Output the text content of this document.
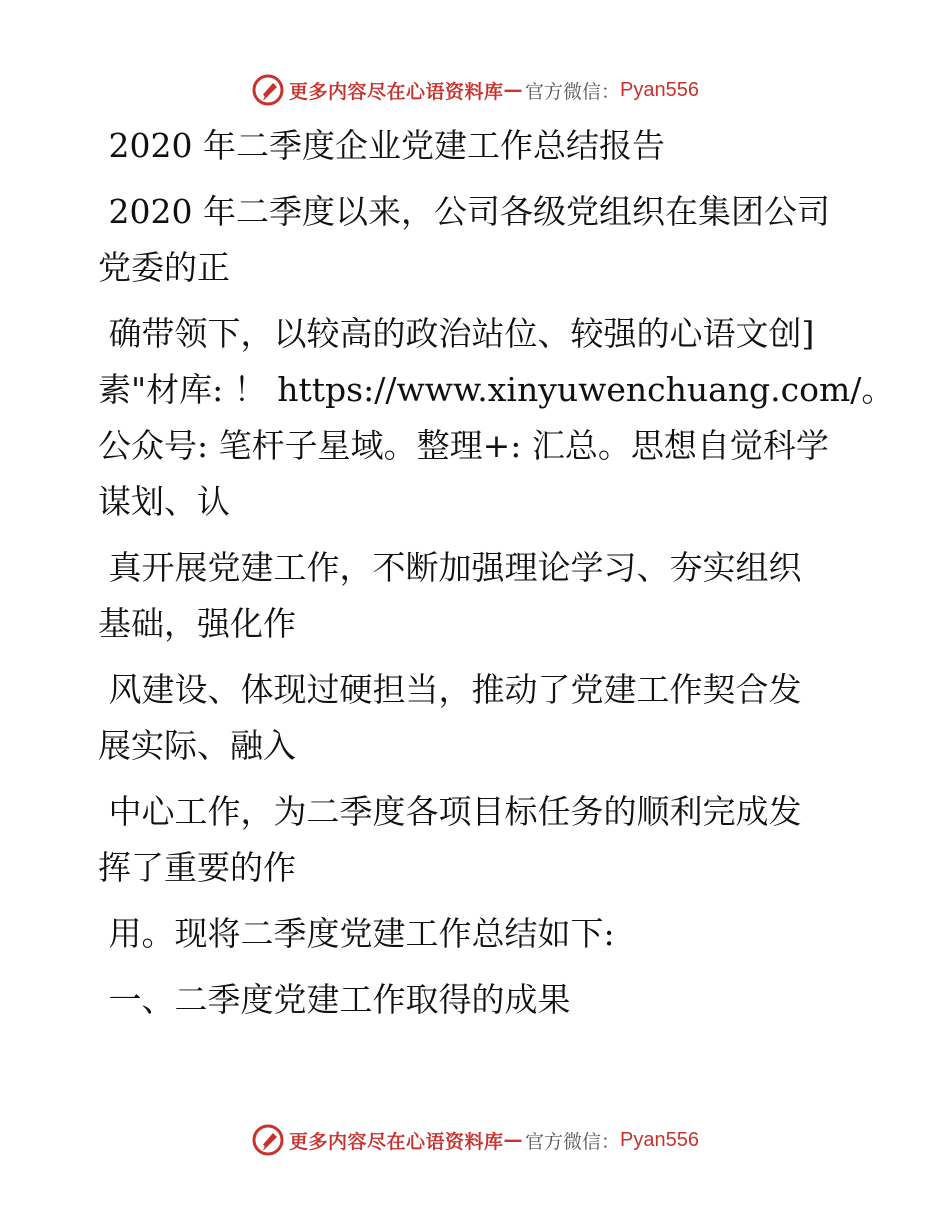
更多内容尽在心语资料库 — 官方微信： Pyan556

2020 年二季度企业党建工作总结报告

2020 年二季度以来，公司各级党组织在集团公司
党委的正
确带领下，以较高的政治站位、较强的心语文创]
素"材库: ！ https://www.xinyuwenchuang.com/。
公众号: 笔杆子星域。整理+: 汇总。思想自觉科学
谋划、认
真开展党建工作，不断加强理论学习、夯实组织
基础，强化作
风建设、体现过硬担当，推动了党建工作契合发
展实际、融入
中心工作，为二季度各项目标任务的顺利完成发
挥了重要的作
用。现将二季度党建工作总结如下:
一、二季度党建工作取得的成果
更多内容尽在心语资料库 — 官方微信： Pyan556
